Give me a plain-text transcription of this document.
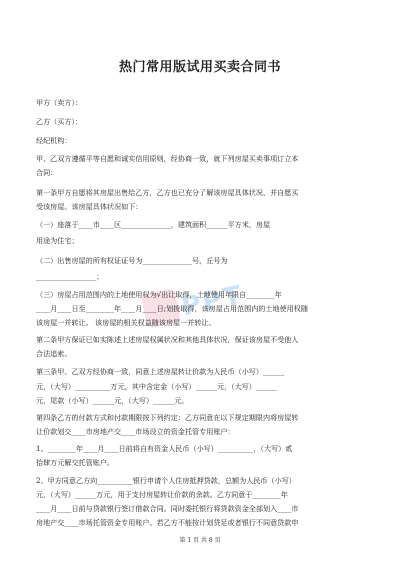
热门常用版试用买卖合同书
PPT
甲方（卖方）：
乙方（买方）：
经纪机构：
甲、乙双方遵循平等自愿和诚实信用原则，经协商一致，就下列房屋买卖事项订立本
合同：
第一条甲方自愿将其房屋出售给乙方，乙方也已充分了解该房屋具体状况，并自愿买
受该房屋。该房屋具体状况如下：
（一）座落于____市____区______________，建筑面积______平方米，房屋
用途为住宅；
（二）出售房屋的所有权证证号为______________号，丘号为
_________________；
（三）房屋占用范围内的土地使用权为√出让取得，土地使用年限自________年
____月____日至________年____月____日;划拨取得，该房屋占用范围内的土地使用权随
该房屋一并转让。 该房屋的相关权益随该房屋一并转让。
第二条甲方保证已如实陈述上述房屋权属状况和其他具体状况，保证该房屋不受他人
合法追索。
第三条甲、乙双方经协商一致，同意上述房屋转让价款为人民币（小写）______
元，（大写）__________万元，其中含定金（小写）______元，（大写）______
元，尾款（小写）______元，（大写）______元。
第四条乙方的付款方式和付款期限按下列约定：乙方同意在以下规定期限内将房屋转
让价款划交____市房地产交____市场设立的资金托管专用账户：
1、________年____月____日前将自有资金人民币（小写）__________，（大写）贰
拾肆万元解交托管账户。
2、甲方同意乙方向__________银行申请个人住房抵押贷款，总额为人民币（小写）
元，（大写）______万元，用于支付房屋转让价款的余款。乙方同意于________年
____月____日前与贷款银行签订借款合同。同时委托银行将贷款资金全部划入____市
房地产交____市场托管资金专用账户。若乙方不能按计划贷足或者银行不同意贷款申
第 1 页 共 8 页
